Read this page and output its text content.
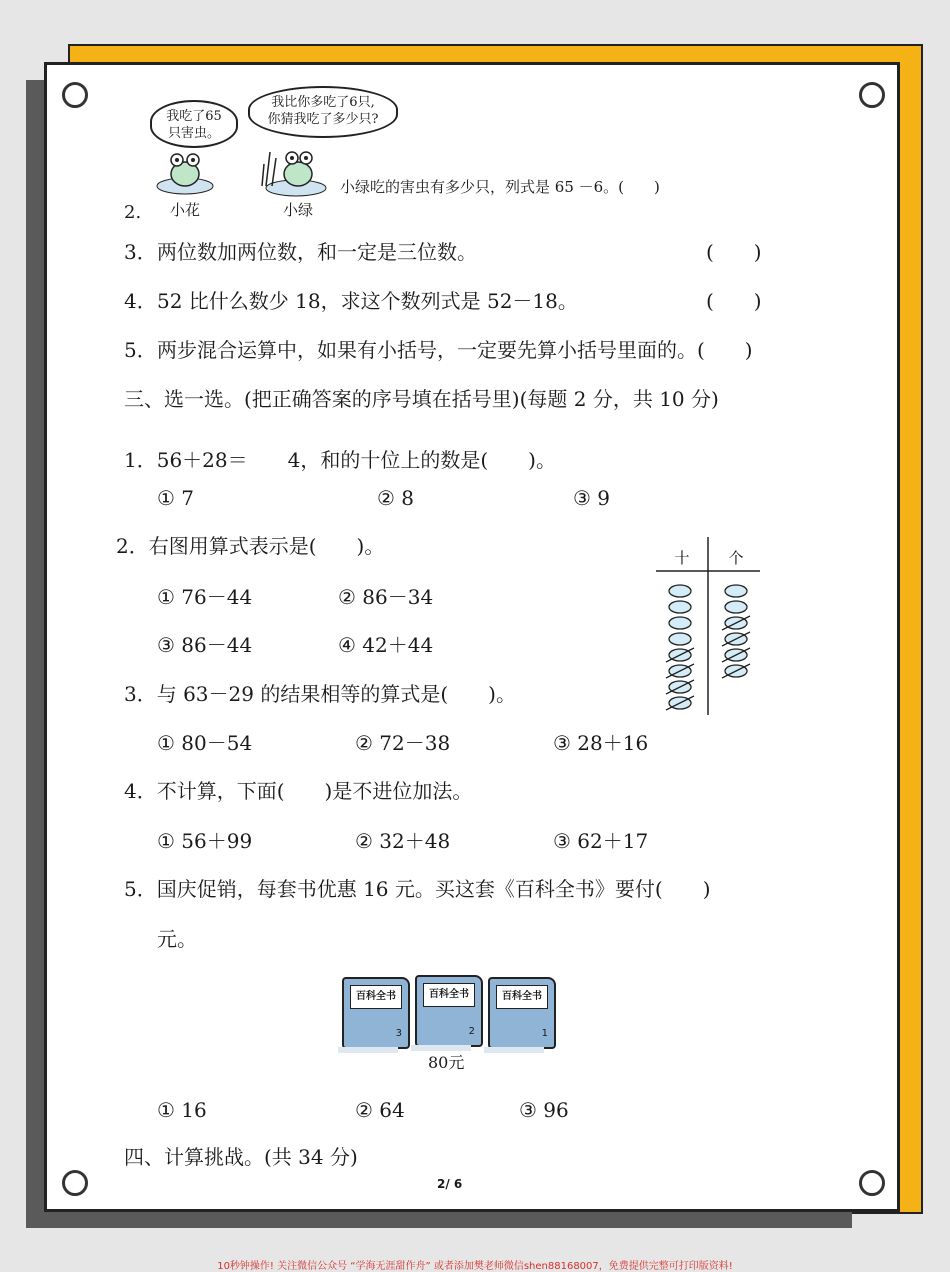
我吃了65
只害虫。
我比你多吃了6只,
你猜我吃了多少只?
小花	小绿
2.
小绿吃的害虫有多少只，列式是 65 －6。(　　)
3． 两位数加两位数，和一定是三位数。	(　　)
4． 52 比什么数少 18，求这个数列式是 52－18。	(　　)
5． 两步混合运算中，如果有小括号，一定要先算小括号里面的。(　　)
三、选一选。(把正确答案的序号填在括号里)(每题 2 分，共 10 分)
1．56＋28＝　　4，和的十位上的数是(　　)。
① 7	② 8	③ 9
2．右图用算式表示是(　　)。
① 76－44	② 86－34
③ 86－44	④ 42＋44
十	个
3．与 63－29 的结果相等的算式是(　　)。
① 80－54	② 72－38	③ 28＋16
4．不计算，下面(　　)是不进位加法。
① 56＋99	② 32＋48	③ 62＋17
5．国庆促销，每套书优惠 16 元。买这套《百科全书》要付(　　)
元。
百科全书
3
百科全书
2
百科全书
1
80元
① 16	② 64	③ 96
四、计算挑战。(共 34 分)
2/ 6
10秒钟操作! 关注微信公众号 “学海无涯甜作舟” 或者添加樊老师微信shen88168007，免费提供完整可打印版资料!
